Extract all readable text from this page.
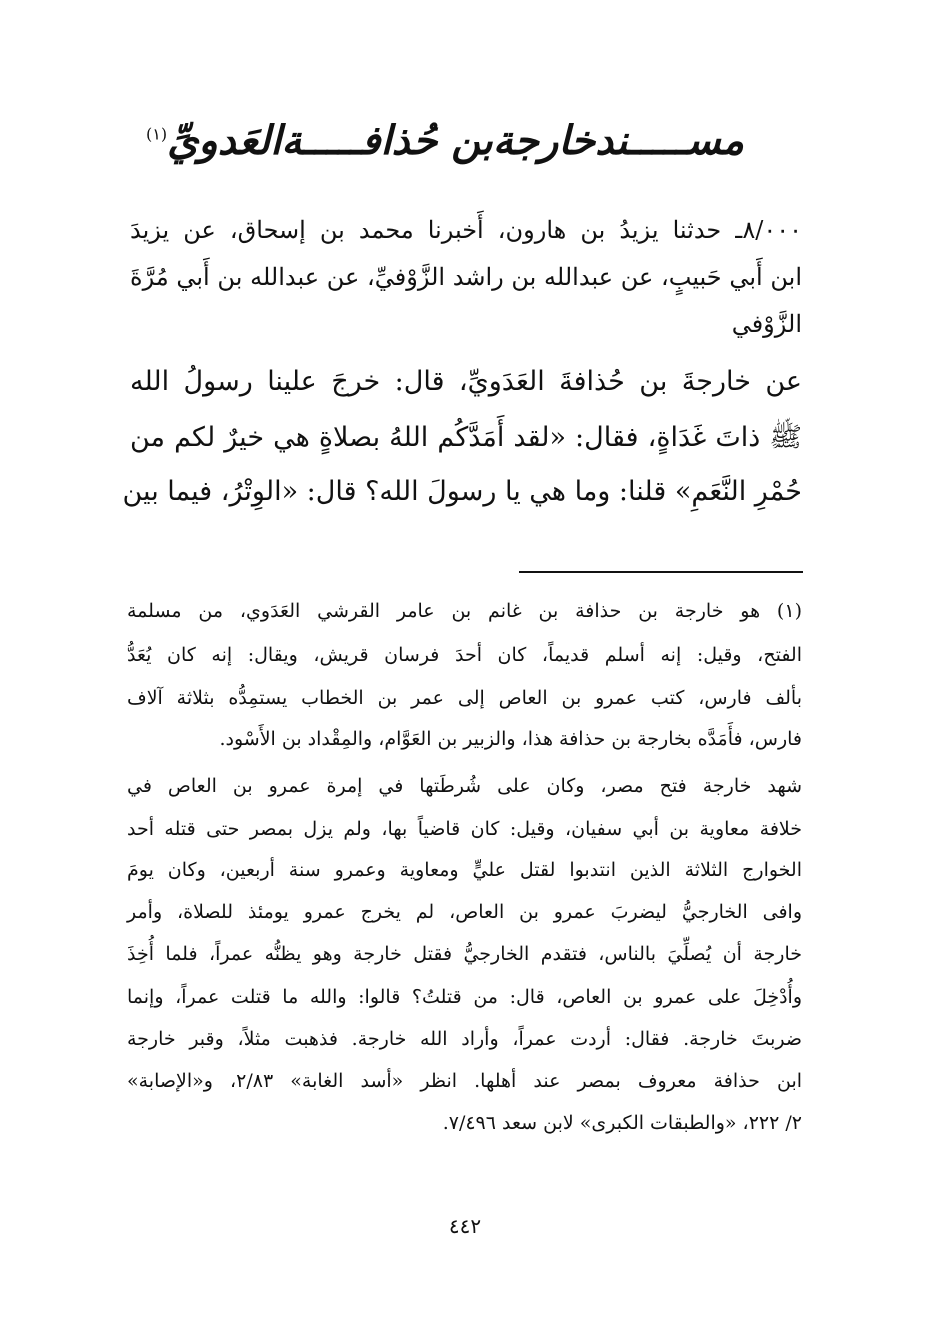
مســـــندخارجةبن حُذافـــــةالعَدويِّ$^{(١)}$
٨/٠٠٠ـ حدثنا يزيدُ بن هارون، أَخبرنا محمد بن إسحاق، عن يزيدَ
ابن أَبي حَبيبٍ، عن عبدالله بن راشد الزَّوْفيِّ، عن عبدالله بن أَبي مُرَّةَ
الزَّوْفي
عن خارجةَ بن حُذافةَ العَدَويِّ، قال: خرجَ علينا رسولُ الله
ﷺ ذاتَ غَدَاةٍ، فقال: «لقد أَمَدَّكُم اللهُ بصلاةٍ هي خيرٌ لكم من
حُمْرِ النَّعَمِ» قلنا: وما هي يا رسولَ الله؟ قال: «الوِتْرُ، فيما بين
(١) هو خارجة بن حذافة بن غانم بن عامر القرشي العَدَوي، من مسلمة
الفتح، وقيل: إنه أسلم قديماً، كان أحدَ فرسان قريش، ويقال: إنه كان يُعَدُّ
بألف فارس، كتب عمرو بن العاص إلى عمر بن الخطاب يستمِدُّه بثلاثة آلاف
فارس، فأَمَدَّه بخارجة بن حذافة هذا، والزبير بن العَوَّام، والمِقْداد بن الأَسْود.
شهد خارجة فتح مصر، وكان على شُرطَتها في إمرة عمرو بن العاص في
خلافة معاوية بن أبي سفيان، وقيل: كان قاضياً بها، ولم يزل بمصر حتى قتله أحد
الخوارج الثلاثة الذين انتدبوا لقتل عليٍّ ومعاوية وعمرو سنة أربعين، وكان يومَ
وافى الخارجيُّ ليضربَ عمرو بن العاص، لم يخرج عمرو يومئذ للصلاة، وأمر
خارجة أن يُصلِّيَ بالناس، فتقدم الخارجيُّ فقتل خارجة وهو يظنُّه عمراً، فلما أُخِذَ
وأُدْخِلَ على عمرو بن العاص، قال: من قتلتُ؟ قالوا: والله ما قتلت عمراً، وإنما
ضربتَ خارجة. فقال: أردت عمراً، وأراد الله خارجة. فذهبت مثلاً، وقبر خارجة
ابن حذافة معروف بمصر عند أهلها. انظر «أسد الغابة» ٢/٨٣، و«الإصابة»
٢/ ٢٢٢، «والطبقات الكبرى» لابن سعد ٧/٤٩٦.
٤٤٢
